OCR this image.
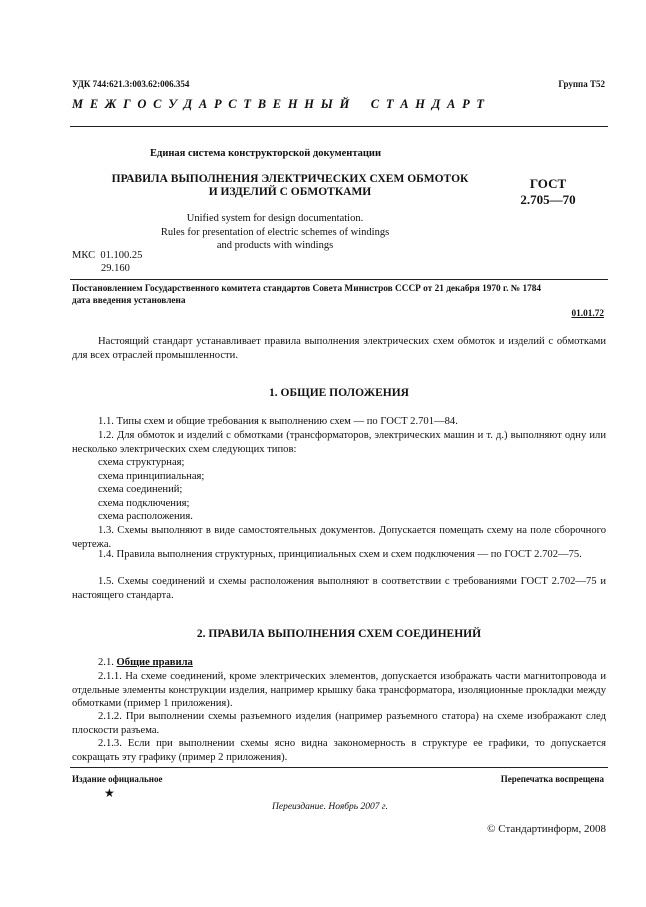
УДК 744:621.3:003.62:006.354	Группа Т52
М Е Ж Г О С У Д А Р С Т В Е Н Н Ы Й    С Т А Н Д А Р Т
Единая система конструкторской документации
ПРАВИЛА ВЫПОЛНЕНИЯ ЭЛЕКТРИЧЕСКИХ СХЕМ ОБМОТОК
И ИЗДЕЛИЙ С ОБМОТКАМИ
ГОСТ
2.705—70
Unified system for design documentation.
Rules for presentation of electric schemes of windings
and products with windings
МКС 01.100.25
29.160
Постановлением Государственного комитета стандартов Совета Министров СССР от 21 декабря 1970 г. № 1784
дата введения установлена
01.01.72
Настоящий стандарт устанавливает правила выполнения электрических схем обмоток и изделий с обмотками для всех отраслей промышленности.
1. ОБЩИЕ ПОЛОЖЕНИЯ
1.1. Типы схем и общие требования к выполнению схем — по ГОСТ 2.701—84.
1.2. Для обмоток и изделий с обмотками (трансформаторов, электрических машин и т. д.) выполняют одну или несколько электрических схем следующих типов:
схема структурная;
схема принципиальная;
схема соединений;
схема подключения;
схема расположения.
1.3. Схемы выполняют в виде самостоятельных документов. Допускается помещать схему на поле сборочного чертежа.
1.4. Правила выполнения структурных, принципиальных схем и схем подключения — по ГОСТ 2.702—75.
1.5. Схемы соединений и схемы расположения выполняют в соответствии с требованиями ГОСТ 2.702—75 и настоящего стандарта.
2. ПРАВИЛА ВЫПОЛНЕНИЯ СХЕМ СОЕДИНЕНИЙ
2.1. Общие правила
2.1.1. На схеме соединений, кроме электрических элементов, допускается изображать части магнитопровода и отдельные элементы конструкции изделия, например крышку бака трансформатора, изоляционные прокладки между обмотками (пример 1 приложения).
2.1.2. При выполнении схемы разъемного изделия (например разъемного статора) на схеме изображают след плоскости разъема.
2.1.3. Если при выполнении схемы ясно видна закономерность в структуре ее графики, то допускается сокращать эту графику (пример 2 приложения).
Издание официальное	Перепечатка воспрещена
★
Переиздание. Ноябрь 2007 г.
© Стандартинформ, 2008
